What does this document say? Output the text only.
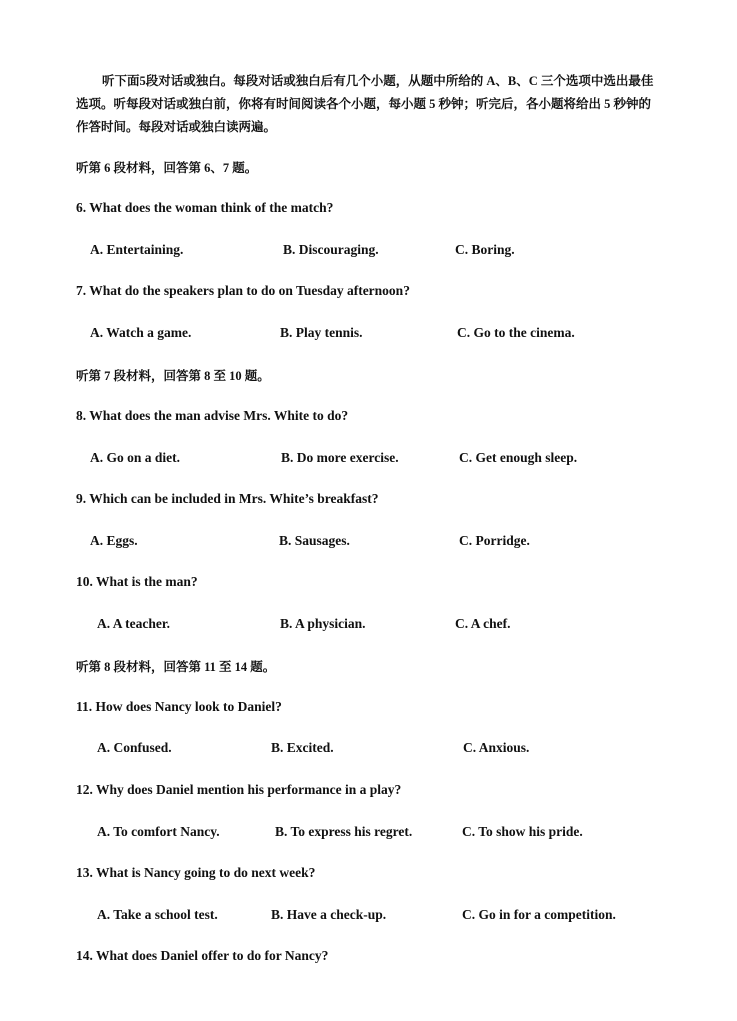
听下面5段对话或独白。每段对话或独白后有几个小题，从题中所给的 A、B、C 三个选项中选出最佳选项。听每段对话或独白前，你将有时间阅读各个小题，每小题 5 秒钟；听完后，各小题将给出 5 秒钟的作答时间。每段对话或独白读两遍。
听第 6 段材料，回答第 6、7 题。
6. What does the woman think of the match?
A. Entertaining.	B. Discouraging.	C. Boring.
7. What do the speakers plan to do on Tuesday afternoon?
A. Watch a game.	B. Play tennis.	C. Go to the cinema.
听第 7 段材料，回答第 8 至 10 题。
8. What does the man advise Mrs. White to do?
A. Go on a diet.	B. Do more exercise.	C. Get enough sleep.
9. Which can be included in Mrs. White’s breakfast?
A. Eggs.	B. Sausages.	C. Porridge.
10. What is the man?
A. A teacher.	B. A physician.	C. A chef.
听第 8 段材料，回答第 11 至 14 题。
11. How does Nancy look to Daniel?
A. Confused.	B. Excited.	C. Anxious.
12. Why does Daniel mention his performance in a play?
A. To comfort Nancy.	B. To express his regret.	C. To show his pride.
13. What is Nancy going to do next week?
A. Take a school test.	B. Have a check-up.	C. Go in for a competition.
14. What does Daniel offer to do for Nancy?
